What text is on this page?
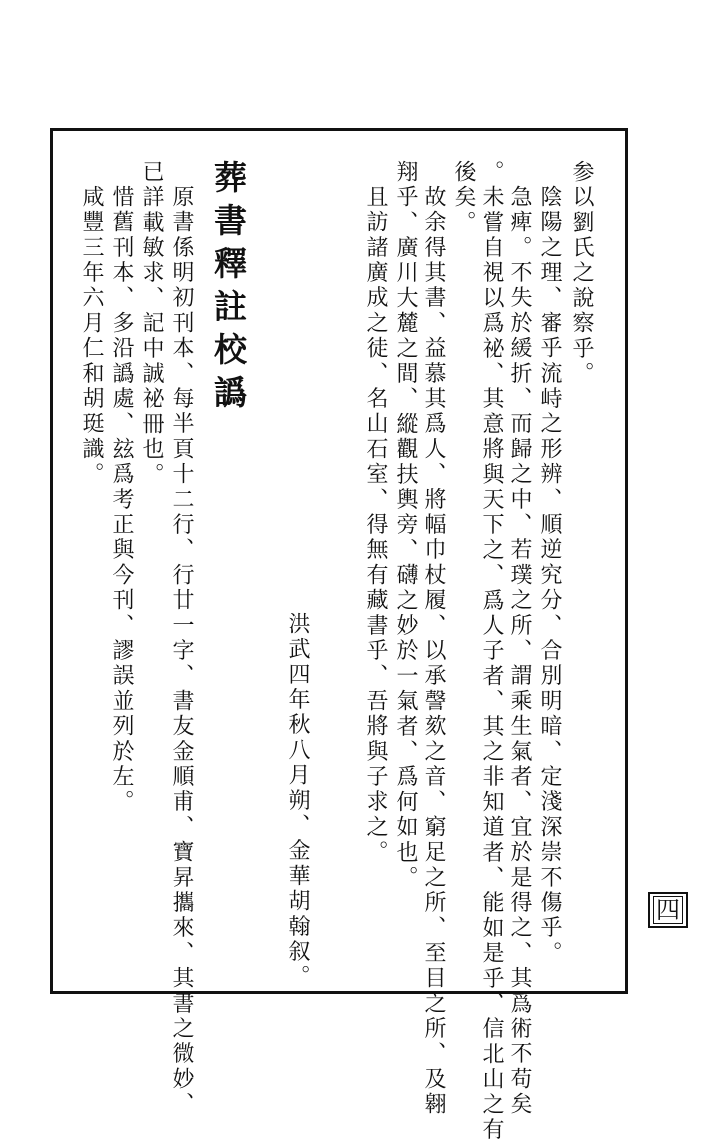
参以劉氏之說察乎。

陰陽之理、審乎流峙之形辨、順逆究分、合別明暗、定淺深崇不傷乎。

急痺。不失於緩折、而歸之中、若璞之所、謂乘生氣者、宜於是得之、其爲術不苟矣

。未嘗自視以爲祕、其意將與天下之、爲人子者、其之非知道者、能如是乎、信北山之有

後矣。

故余得其書、益慕其爲人、將幅巾杖履、以承謦欬之音、窮足之所、至目之所、及翱

翔乎、廣川大麓之間、縱觀扶輿旁、礴之妙於一氣者、爲何如也。

且訪諸廣成之徒、名山石室、得無有藏書乎、吾將與子求之。

洪武四年秋八月朔、金華胡翰叙。

葬書釋註校譌

原書係明初刊本、每半頁十二行、行廿一字、書友金順甫、寶昇攜來、其書之微妙、

已詳載敏求、記中誠祕冊也。

惜舊刊本、多沿譌處、玆爲考正與今刊、謬誤並列於左。

咸豐三年六月仁和胡珽識。

四
